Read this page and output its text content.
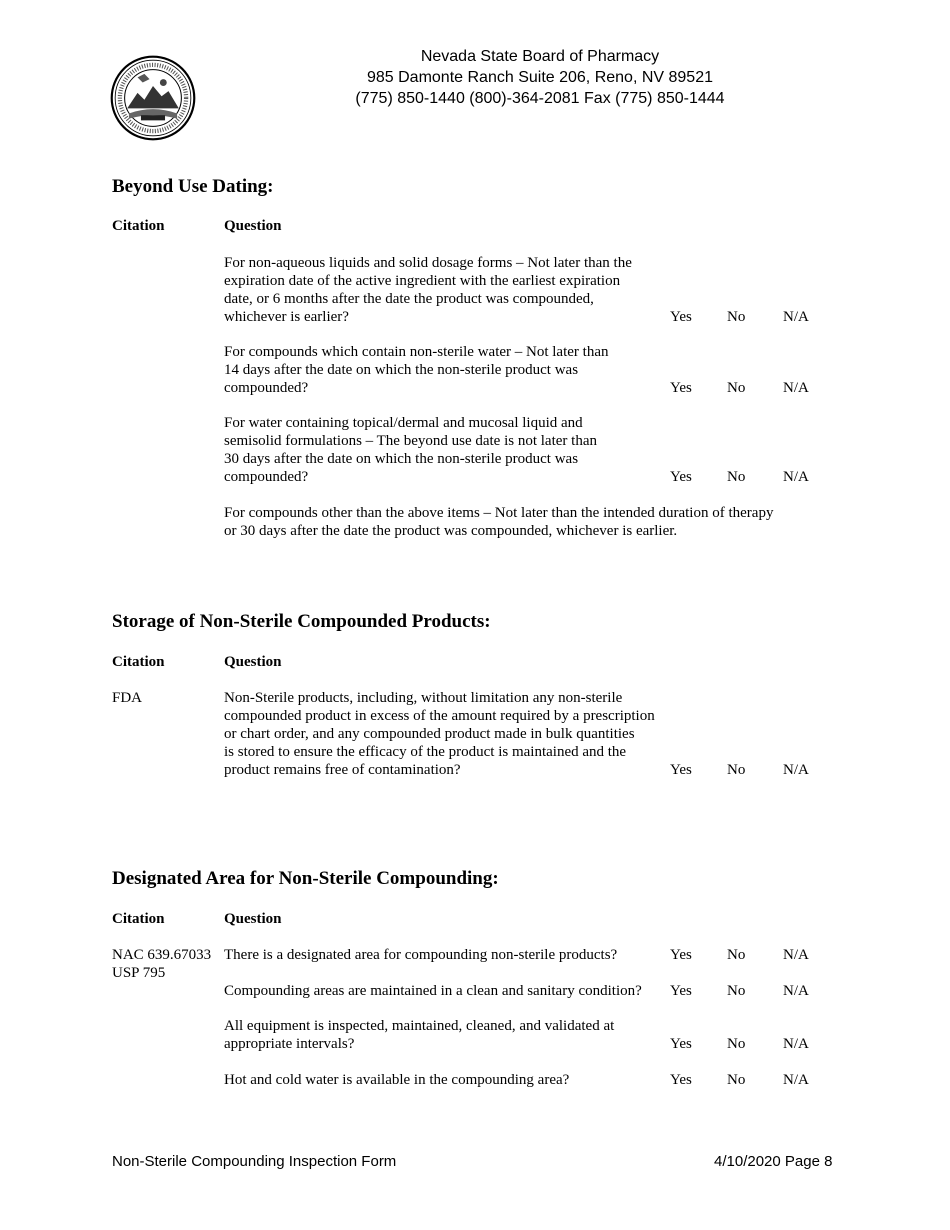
Nevada State Board of Pharmacy
985 Damonte Ranch Suite 206, Reno, NV 89521
(775) 850-1440 (800)-364-2081 Fax (775) 850-1444
Beyond Use Dating:
Citation	Question
For non-aqueous liquids and solid dosage forms – Not later than the
expiration date of the active ingredient with the earliest expiration
date, or 6 months after the date the product was compounded,
whichever is earlier?	Yes No	N/A
For compounds which contain non-sterile water – Not later than
14 days after the date on which the non-sterile product was
compounded?	Yes No	N/A
For water containing topical/dermal and mucosal liquid and
semisolid formulations – The beyond use date is not later than
30 days after the date on which the non-sterile product was
compounded?	Yes No	N/A
For compounds other than the above items – Not later than the intended duration of therapy
or 30 days after the date the product was compounded, whichever is earlier.
Storage of Non-Sterile Compounded Products:
Citation	Question
FDA	Non-Sterile products, including, without limitation any non-sterile
compounded product in excess of the amount required by a prescription
or chart order, and any compounded product made in bulk quantities
is stored to ensure the efficacy of the product is maintained and the
product remains free of contamination?	Yes No	N/A
Designated Area for Non-Sterile Compounding:
Citation	Question
NAC 639.67033
USP 795
There is a designated area for compounding non-sterile products?	Yes No	N/A
Compounding areas are maintained in a clean and sanitary condition? Yes No	N/A
All equipment is inspected, maintained, cleaned, and validated at
appropriate intervals?	Yes No	N/A
Hot and cold water is available in the compounding area?	Yes No	N/A
Non-Sterile Compounding Inspection Form	4/10/2020 Page 8
